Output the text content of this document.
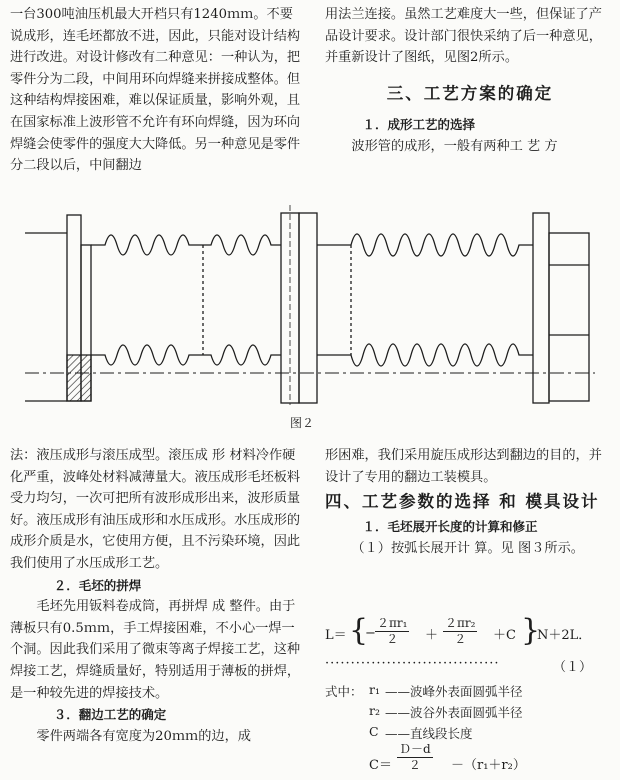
一台300吨油压机最大开档只有1240ｍｍ。不要说成形，连毛坯都放不进，因此，只能对设计结构进行改进。对设计修改有二种意见：一种认为，把零件分为二段，中间用环向焊缝来拼接成整体。但这种结构焊接困难，难以保证质量，影响外观，且在国家标准上波形管不允许有环向焊缝，因为环向焊缝会使零件的强度大大降低。另一种意见是零件分二段以后，中间翻边

用法兰连接。虽然工艺难度大一些，但保证了产品设计要求。设计部门很快采纳了后一种意见，并重新设计了图纸，见图2所示。

三、工艺方案的确定

１．成形工艺的选择

波形管的成形，一般有两种工 艺 方

图２

法：液压成形与滚压成型。滚压成 形 材料冷作硬化严重，波峰处材料减薄量大。液压成形毛坯板料受力均匀，一次可把所有波形成形出来，波形质量好。液压成形有油压成形和水压成形。水压成形的成形介质是水，它使用方便，且不污染环境，因此我们使用了水压成形工艺。

２．毛坯的拼焊

毛坯先用钣料卷成筒，再拼焊 成 整件。由于薄板只有0.5ｍｍ，手工焊接困难，不小心一焊一个洞。因此我们采用了微束等离子焊接工艺，这种焊接工艺，焊缝质量好，特别适用于薄板的拼焊，是一种较先进的焊接技术。

３．翻边工艺的确定

零件两端各有宽度为20ｍｍ的边，成

形困难，我们采用旋压成形达到翻边的目的，并设计了专用的翻边工装模具。

四、工艺参数的选择 和 模具设计

１．毛坯展开长度的计算和修正

（１）按弧长展开计 算。见 图３所示。

L＝ {
−
２πr₁
２	＋
２πr₂
２	＋C }
N＋2L．
··································	（１）
式中： r₁ ——波峰外表面圆弧半径
r₂ ——波谷外表面圆弧半径
C ——直线段长度
C＝
Ｄ－d
２	－（r₁＋r₂）
